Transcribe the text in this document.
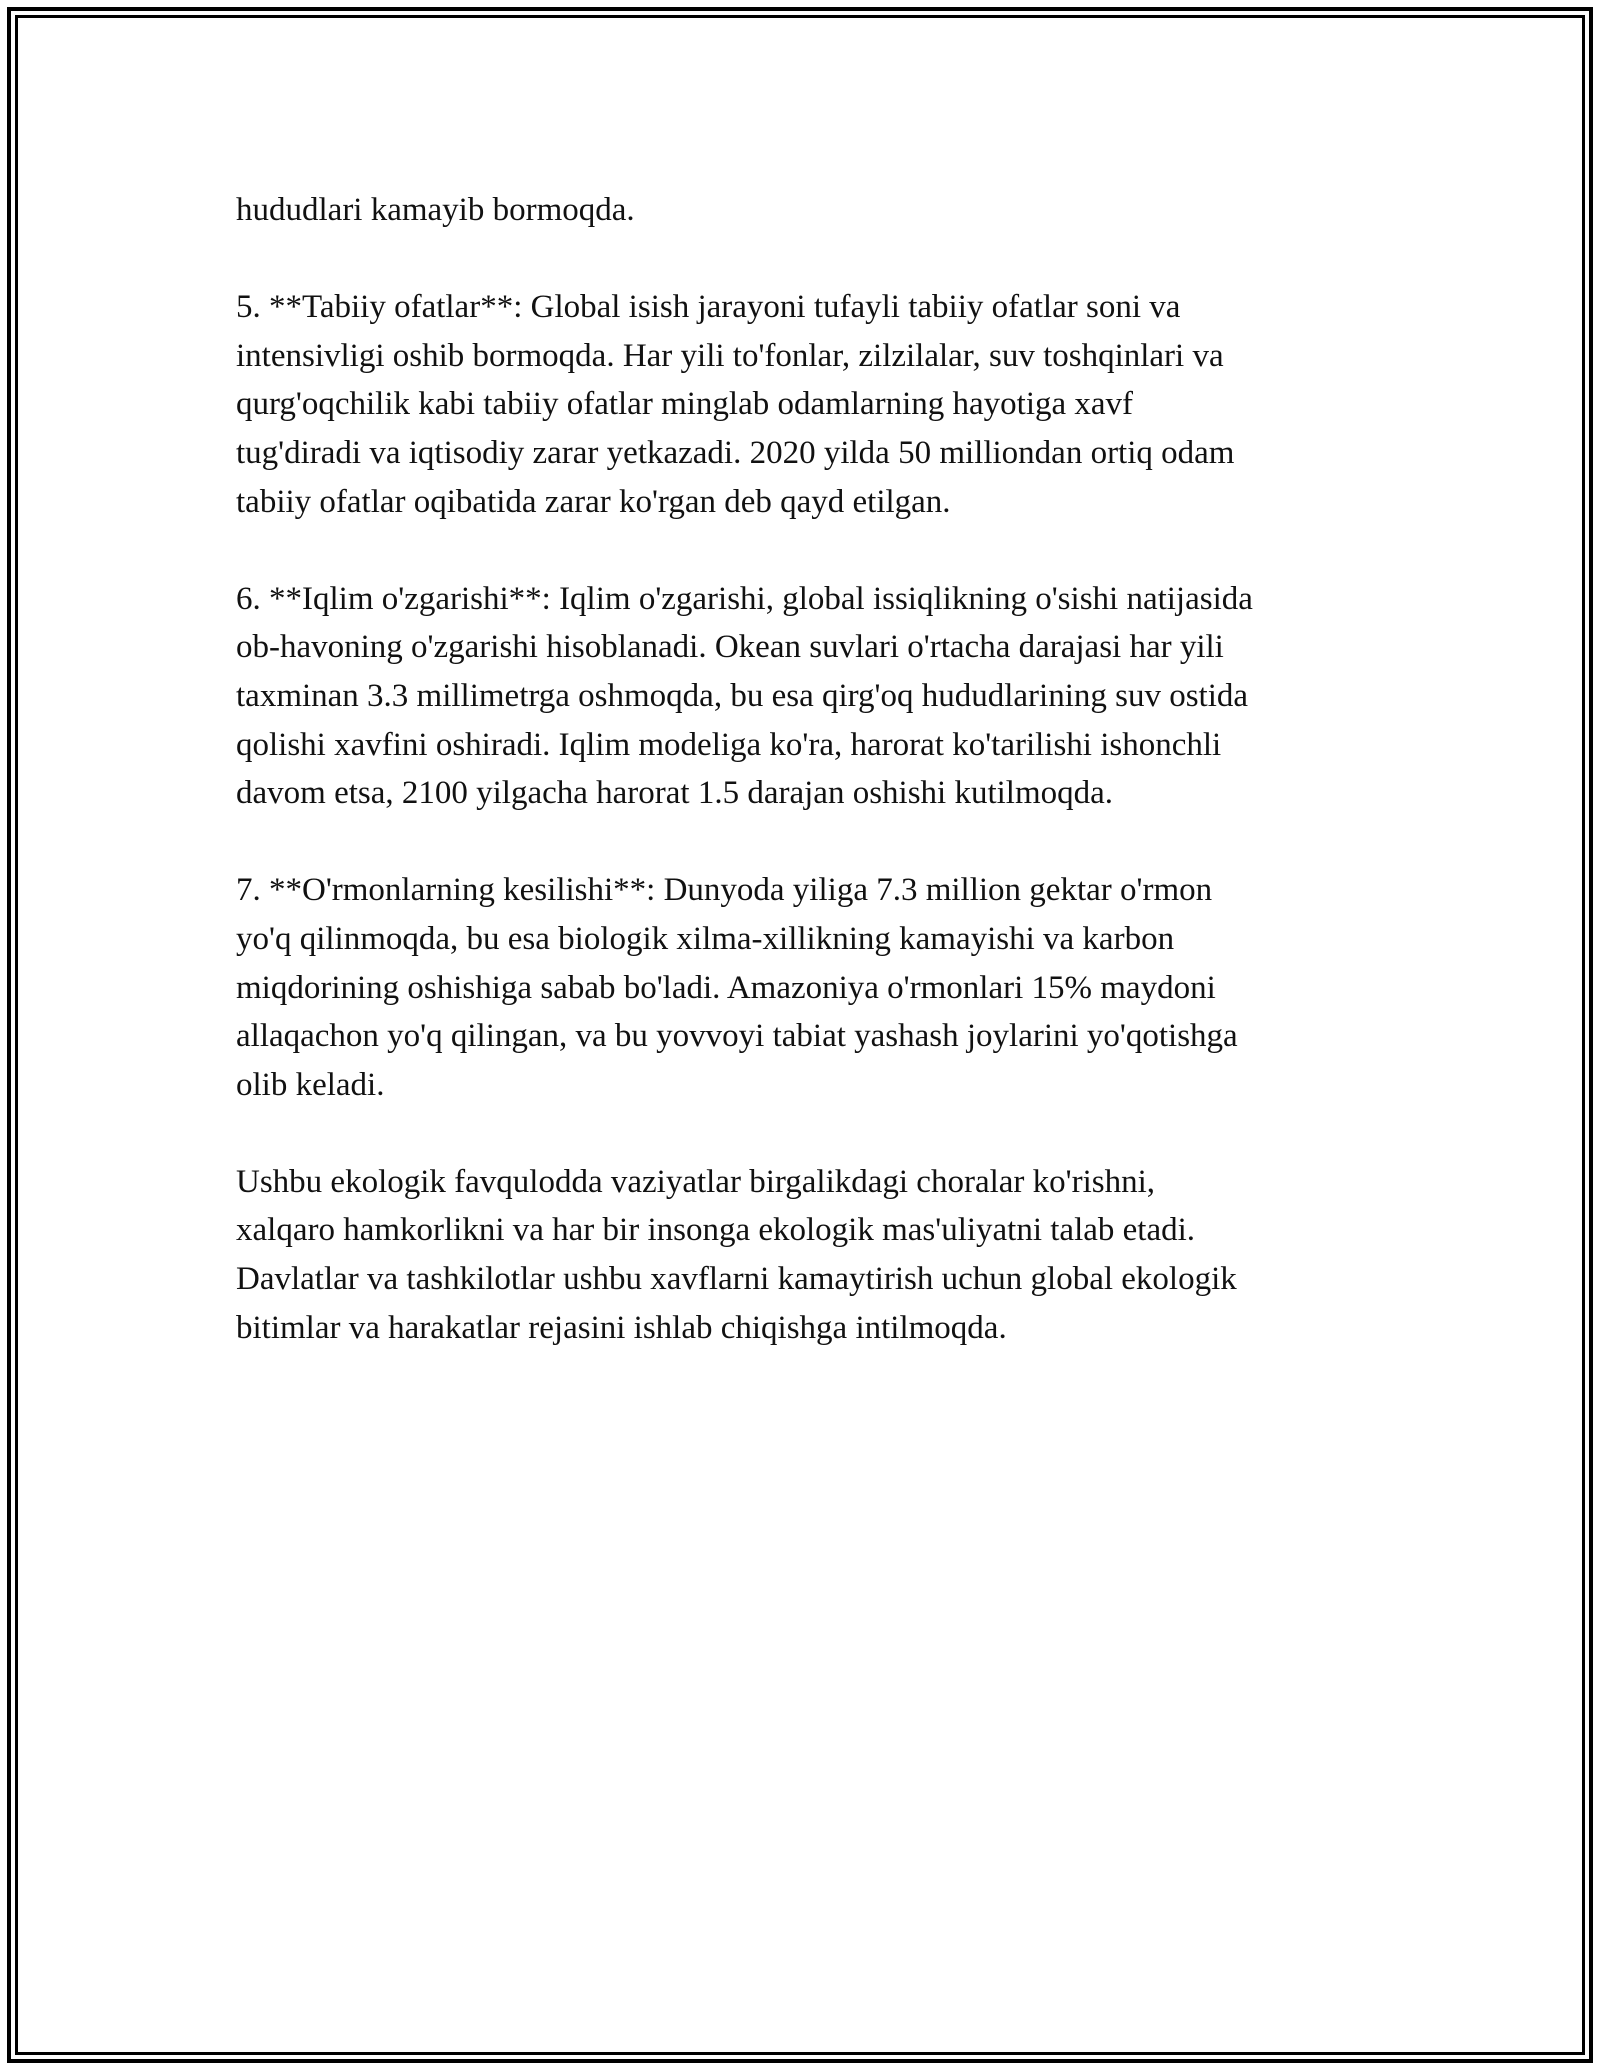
hududlari kamayib bormoqda.

5. **Tabiiy ofatlar**: Global isish jarayoni tufayli tabiiy ofatlar soni va
intensivligi oshib bormoqda. Har yili to'fonlar, zilzilalar, suv toshqinlari va
qurg'oqchilik kabi tabiiy ofatlar minglab odamlarning hayotiga xavf
tug'diradi va iqtisodiy zarar yetkazadi. 2020 yilda 50 milliondan ortiq odam
tabiiy ofatlar oqibatida zarar ko'rgan deb qayd etilgan.

6. **Iqlim o'zgarishi**: Iqlim o'zgarishi, global issiqlikning o'sishi natijasida
ob-havoning o'zgarishi hisoblanadi. Okean suvlari o'rtacha darajasi har yili
taxminan 3.3 millimetrga oshmoqda, bu esa qirg'oq hududlarining suv ostida
qolishi xavfini oshiradi. Iqlim modeliga ko'ra, harorat ko'tarilishi ishonchli
davom etsa, 2100 yilgacha harorat 1.5 darajan oshishi kutilmoqda.

7. **O'rmonlarning kesilishi**: Dunyoda yiliga 7.3 million gektar o'rmon
yo'q qilinmoqda, bu esa biologik xilma-xillikning kamayishi va karbon
miqdorining oshishiga sabab bo'ladi. Amazoniya o'rmonlari 15% maydoni
allaqachon yo'q qilingan, va bu yovvoyi tabiat yashash joylarini yo'qotishga
olib keladi.

Ushbu ekologik favqulodda vaziyatlar birgalikdagi choralar ko'rishni,
xalqaro hamkorlikni va har bir insonga ekologik mas'uliyatni talab etadi.
Davlatlar va tashkilotlar ushbu xavflarni kamaytirish uchun global ekologik
bitimlar va harakatlar rejasini ishlab chiqishga intilmoqda.
